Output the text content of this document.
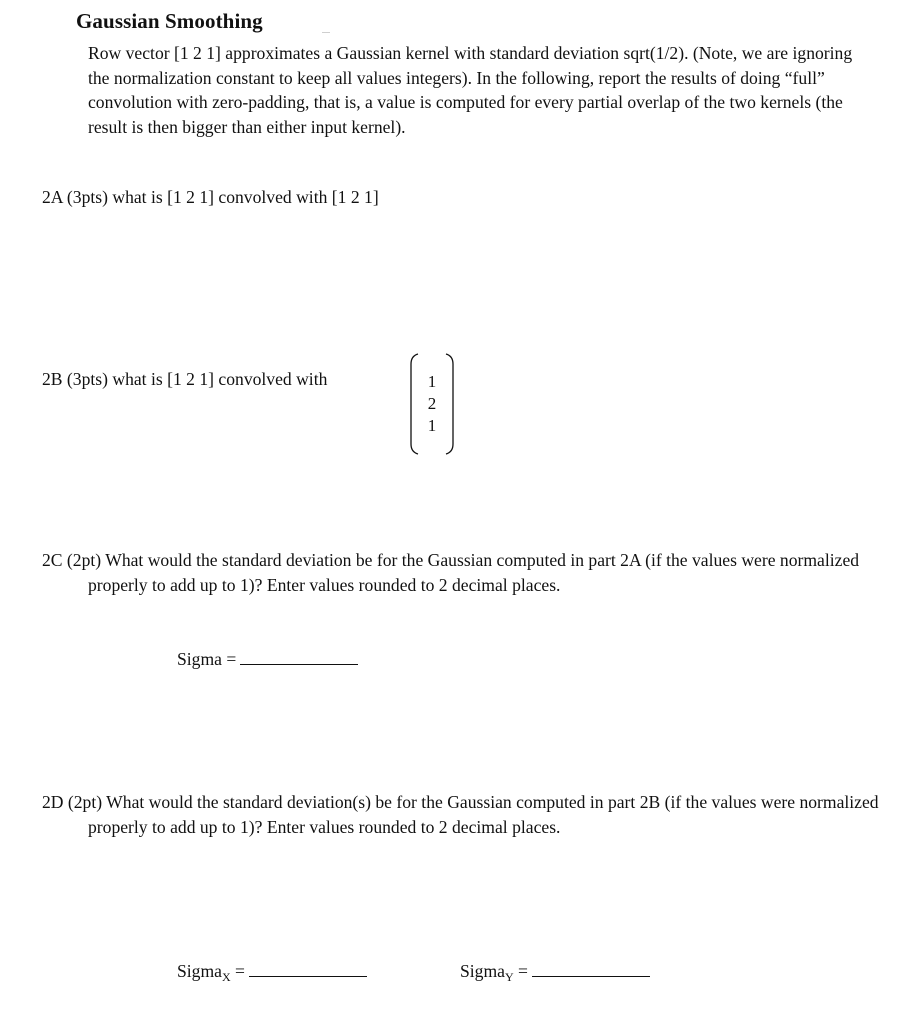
Gaussian Smoothing
Row vector [1 2 1] approximates a Gaussian kernel with standard deviation sqrt(1/2). (Note, we are ignoring the normalization constant to keep all values integers). In the following, report the results of doing “full” convolution with zero-padding, that is, a value is computed for every partial overlap of the two kernels (the result is then bigger than either input kernel).
2A (3pts) what is [1 2 1] convolved with [1 2 1]
2B (3pts) what is [1 2 1] convolved with	1
2
1
2C (2pt) What would the standard deviation be for the Gaussian computed in part 2A (if the values were normalized properly to add up to 1)? Enter values rounded to 2 decimal places.
Sigma =
2D (2pt) What would the standard deviation(s) be for the Gaussian computed in part 2B (if the values were normalized properly to add up to 1)? Enter values rounded to 2 decimal places.
Sigma$_X$ =	Sigma$_Y$ =
